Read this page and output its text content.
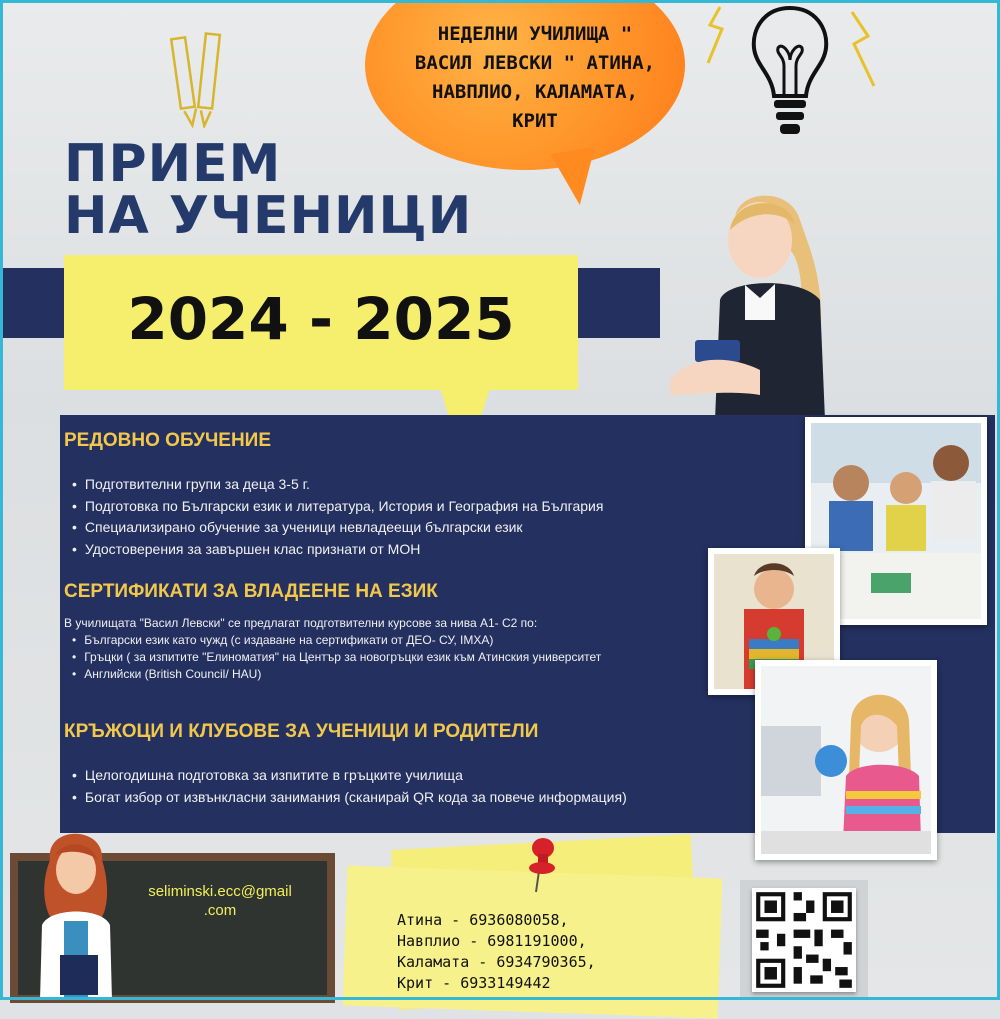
НЕДЕЛНИ УЧИЛИЩА "
ВАСИЛ ЛЕВСКИ " АТИНА,
НАВПЛИО, КАЛАМАТА,
КРИТ
ПРИЕМ
НА УЧЕНИЦИ
2024 - 2025
РЕДОВНО ОБУЧЕНИЕ
• Подготвителни групи за деца 3-5 г.
• Подготовка по Български език и литература, История и География на България
• Специализирано обучение за ученици невладеещи български език
• Удостоверения за завършен клас признати от МОН
СЕРТИФИКАТИ ЗА ВЛАДЕЕНЕ НА ЕЗИК
В училищата "Васил Левски" се предлагат подготвителни курсове за нива А1- С2 по:
• Български език като чужд (с издаване на сертификати от ДЕО- СУ, IMXA)
• Гръцки ( за изпитите "Елиноматия" на Център за новогръцки език към Атинския университет
• Английски (British Council/ HAU)
КРЪЖОЦИ И КЛУБОВЕ ЗА УЧЕНИЦИ И РОДИТЕЛИ
• Целогодишна подготовка за изпитите в гръцките училища
• Богат избор от извънкласни занимания (сканирай QR кода за повече информация)
seliminski.ecc@gmail
.com
Атина - 6936080058,
Навплио - 6981191000,
Каламата - 6934790365,
Крит - 6933149442
